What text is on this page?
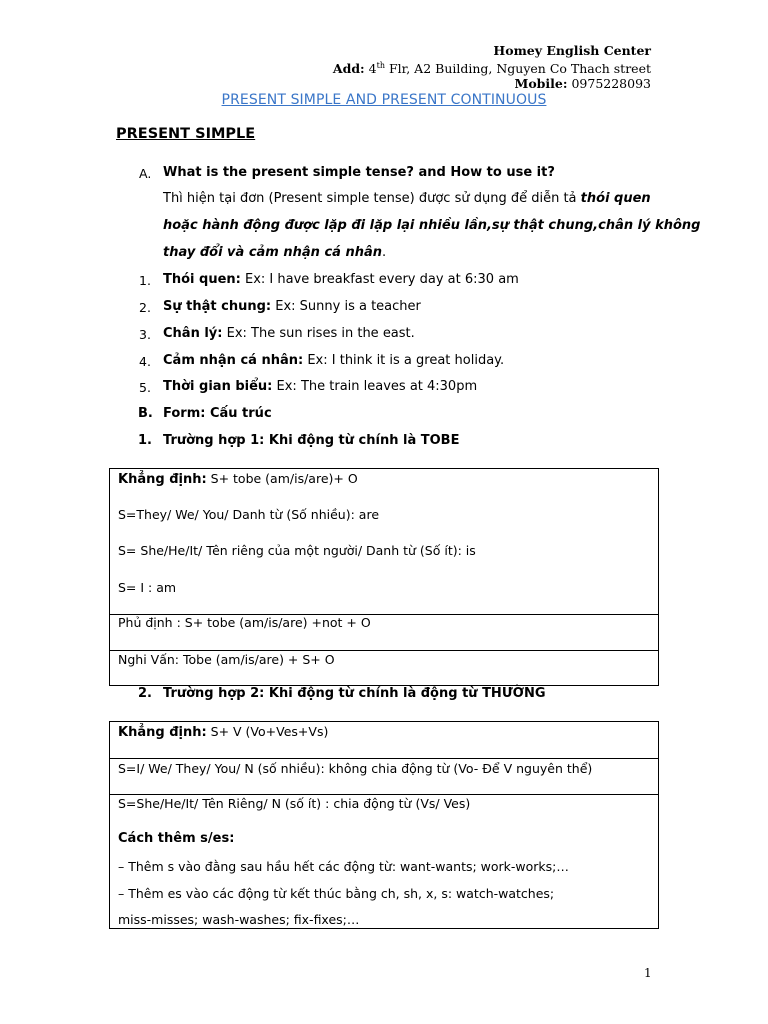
Homey English Center
Add: 4th Flr, A2 Building, Nguyen Co Thach street
Mobile: 0975228093
PRESENT SIMPLE AND PRESENT CONTINUOUS
PRESENT SIMPLE
A. What is the present simple tense? and How to use it?
Thì hiện tại đơn (Present simple tense) được sử dụng để diễn tả thói quen
hoặc hành động được lặp đi lặp lại nhiều lần,sự thật chung,chân lý không
thay đổi và cảm nhận cá nhân.
1. Thói quen: Ex: I have breakfast every day at 6:30 am
2. Sự thật chung: Ex: Sunny is a teacher
3. Chân lý: Ex: The sun rises in the east.
4. Cảm nhận cá nhân: Ex: I think it is a great holiday.
5. Thời gian biểu: Ex: The train leaves at 4:30pm
B. Form: Cấu trúc
1. Trường hợp 1: Khi động từ chính là TOBE
Khẳng định: S+ tobe (am/is/are)+ O
S=They/ We/ You/ Danh từ (Số nhiều): are
S= She/He/It/ Tên riêng của một người/ Danh từ (Số ít): is
S= I : am
Phủ định : S+ tobe (am/is/are) +not + O
Nghi Vấn: Tobe (am/is/are) + S+ O
2. Trường hợp 2: Khi động từ chính là động từ THƯỜNG
Khẳng định: S+ V (Vo+Ves+Vs)
S=I/ We/ They/ You/ N (số nhiều): không chia động từ (Vo- Để V nguyên thể)
S=She/He/It/ Tên Riêng/ N (số ít) : chia động từ (Vs/ Ves)
Cách thêm s/es:
– Thêm s vào đằng sau hầu hết các động từ: want-wants; work-works;…
– Thêm es vào các động từ kết thúc bằng ch, sh, x, s: watch-watches;
miss-misses; wash-washes; fix-fixes;…
1
